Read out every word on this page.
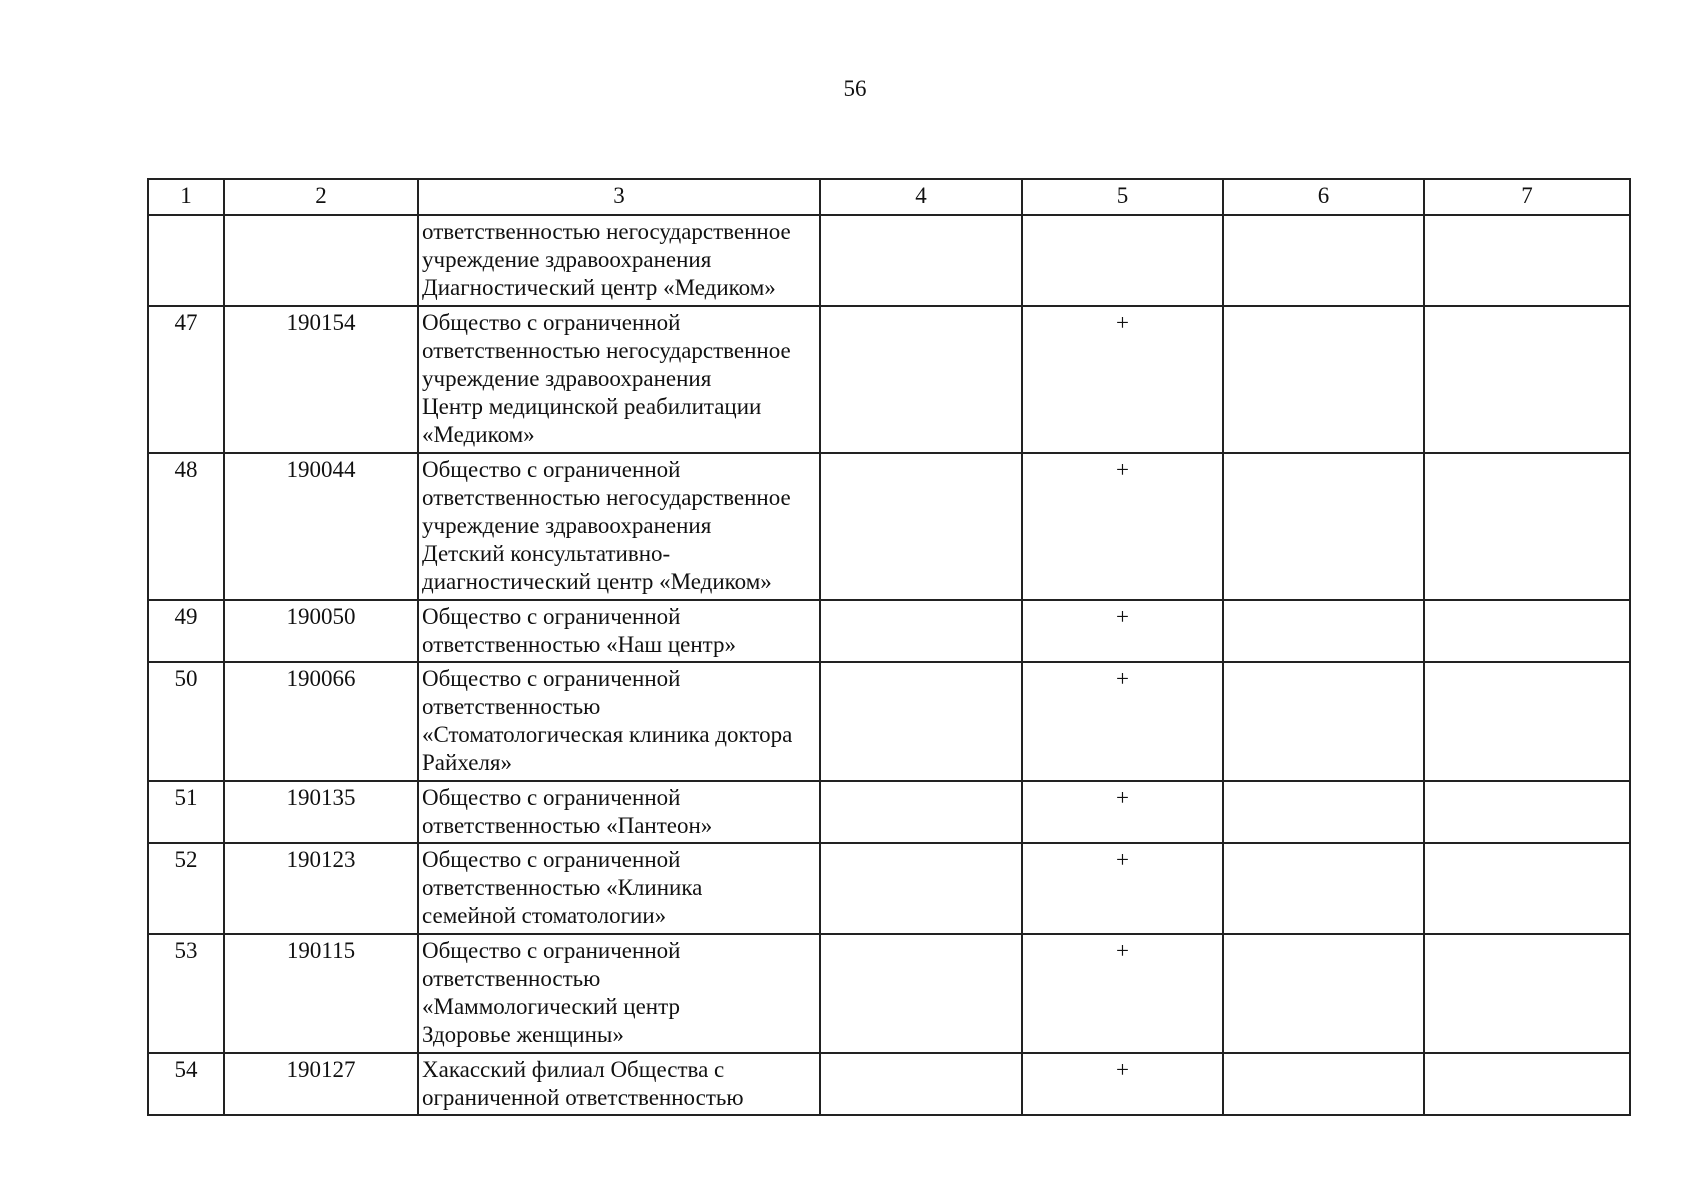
56
1	2	3	4	5	6	7
		ответственностью негосударственное
учреждение здравоохранения
Диагностический центр «Медиком»				
47	190154	Общество с ограниченной
ответственностью негосударственное
учреждение здравоохранения
Центр медицинской реабилитации
«Медиком»		+		
48	190044	Общество с ограниченной
ответственностью негосударственное
учреждение здравоохранения
Детский консультативно-
диагностический центр «Медиком»		+		
49	190050	Общество с ограниченной
ответственностью «Наш центр»		+		
50	190066	Общество с ограниченной
ответственностью
«Стоматологическая клиника доктора
Райхеля»		+		
51	190135	Общество с ограниченной
ответственностью «Пантеон»		+		
52	190123	Общество с ограниченной
ответственностью «Клиника
семейной стоматологии»		+		
53	190115	Общество с ограниченной
ответственностью
«Маммологический центр
Здоровье женщины»		+		
54	190127	Хакасский филиал Общества с
ограниченной ответственностью		+		
